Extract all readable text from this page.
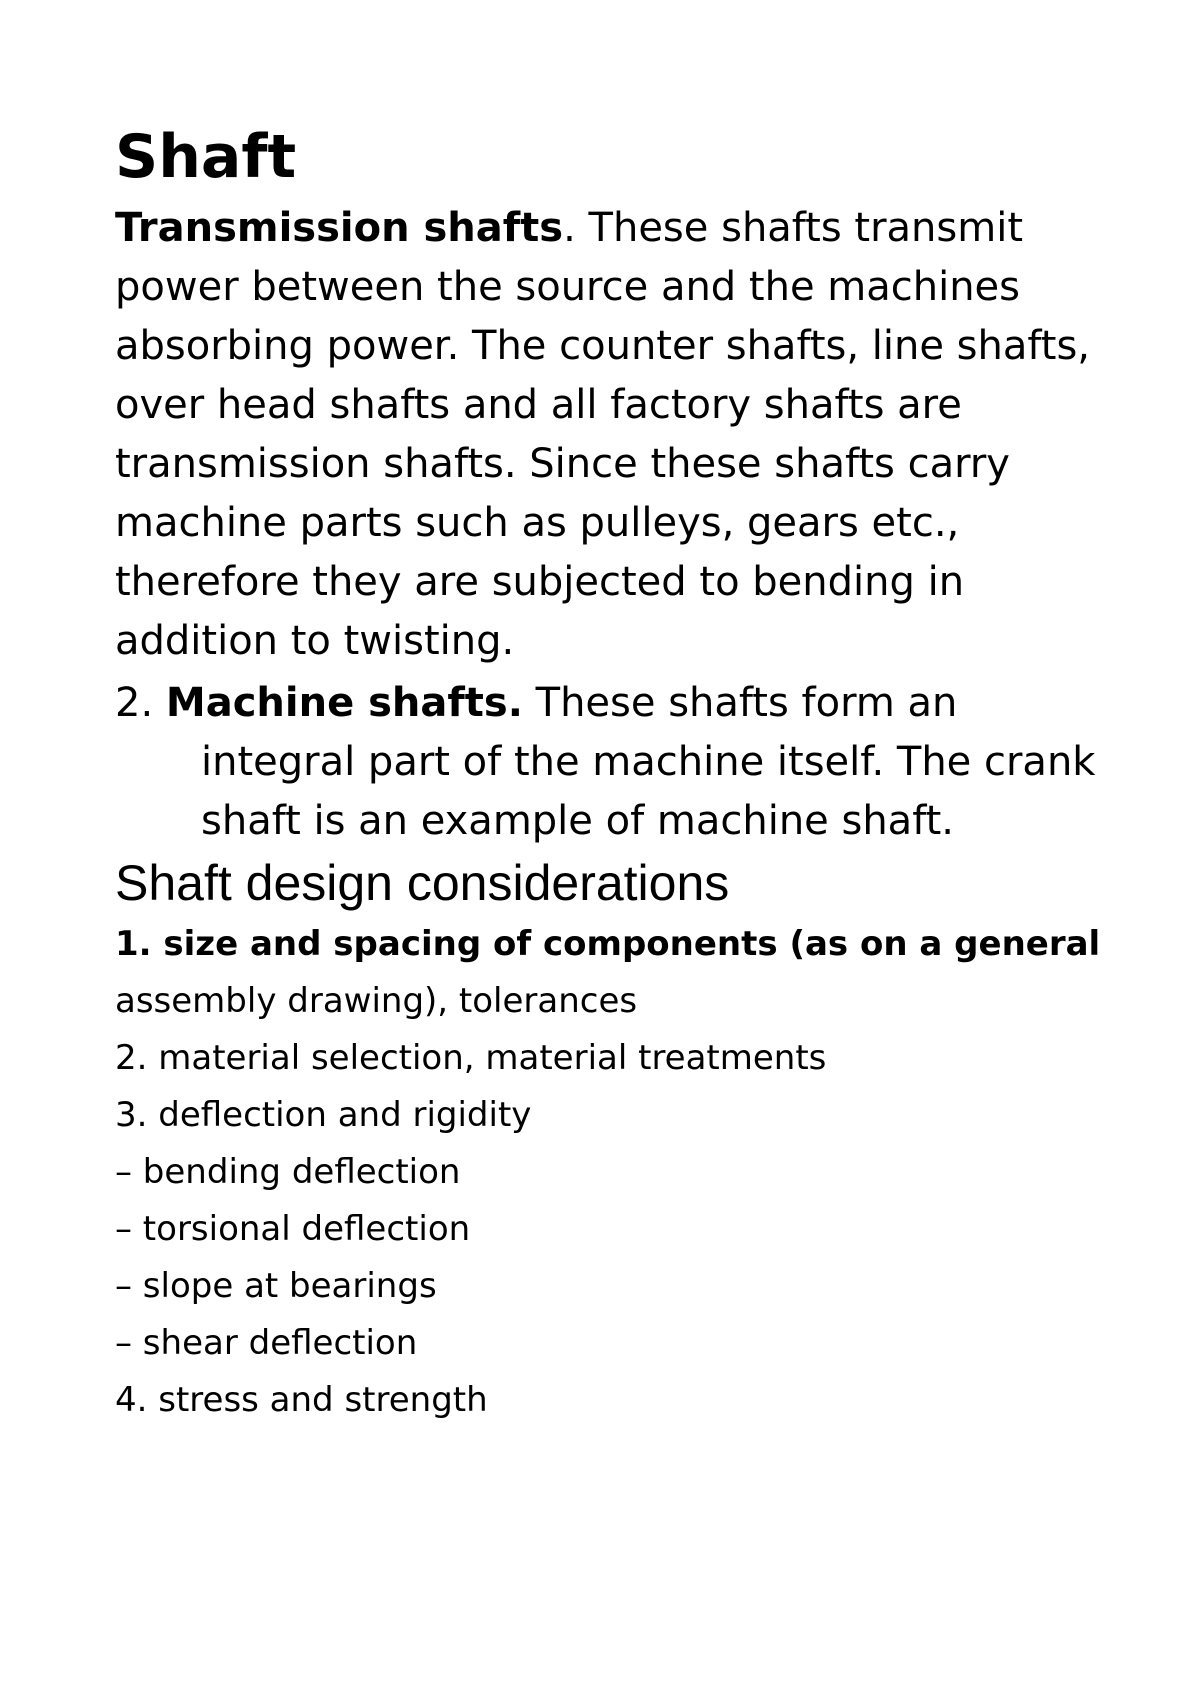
Shaft

Transmission shafts. These shafts transmit power between the source and the machines absorbing power. The counter shafts, line shafts, over head shafts and all factory shafts are transmission shafts. Since these shafts carry machine parts such as pulleys, gears etc., therefore they are subjected to bending in addition to twisting.

2. Machine shafts. These shafts form an integral part of the machine itself. The crank shaft is an example of machine shaft.

Shaft design considerations

1. size and spacing of components (as on a general

assembly drawing), tolerances

2. material selection, material treatments

3. deflection and rigidity

– bending deflection

– torsional deflection

– slope at bearings

– shear deflection

4. stress and strength
